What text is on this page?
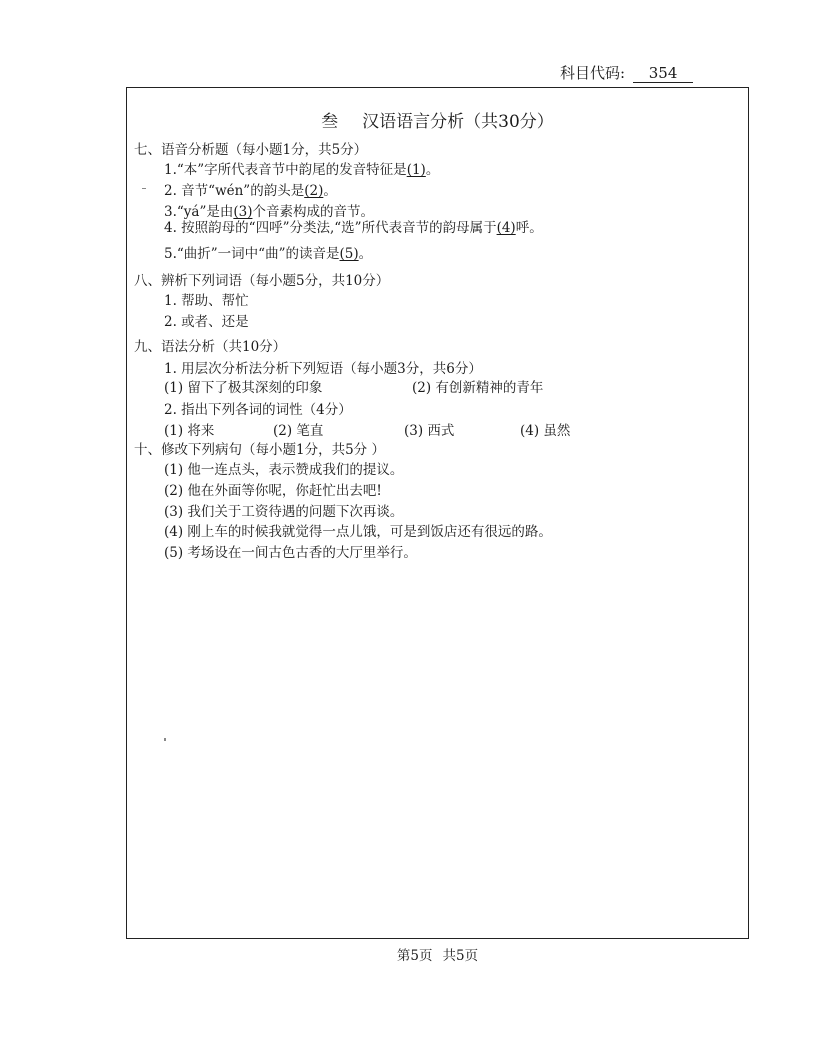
科目代码: 354
叁 汉语语言分析（共30分）
七、语音分析题（每小题1分，共5分）
1.“本”字所代表音节中韵尾的发音特征是(1)。
2. 音节“wén”的韵头是(2)。
3.“yá”是由(3)个音素构成的音节。
4. 按照韵母的“四呼”分类法,“选”所代表音节的韵母属于(4)呼。
5.“曲折”一词中“曲”的读音是(5)。
八、辨析下列词语（每小题5分，共10分）
1. 帮助、帮忙
2. 或者、还是
九、语法分析（共10分）
1. 用层次分析法分析下列短语（每小题3分，共6分）
(1) 留下了极其深刻的印象	(2) 有创新精神的青年
2. 指出下列各词的词性（4分）
(1) 将来	(2) 笔直	(3) 西式	(4) 虽然
十、修改下列病句（每小题1分，共5分 ）
(1) 他一连点头，表示赞成我们的提议。
(2) 他在外面等你呢，你赶忙出去吧!
(3) 我们关于工资待遇的问题下次再谈。
(4) 刚上车的时候我就觉得一点儿饿，可是到饭店还有很远的路。
(5) 考场设在一间古色古香的大厅里举行。
第5页 共5页
